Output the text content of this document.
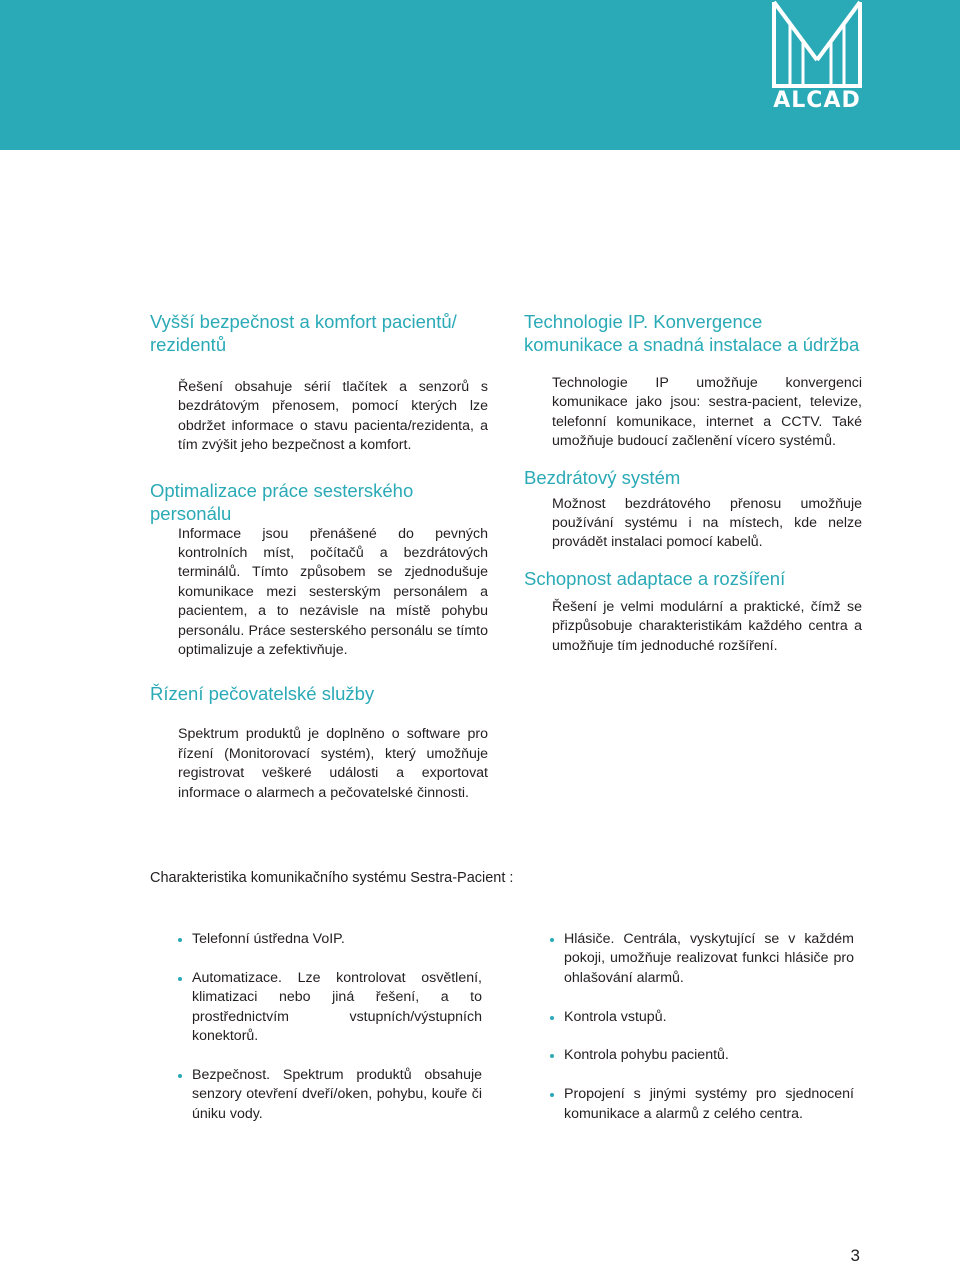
ALCAD
Vyšší bezpečnost a komfort pacientů/ rezidentů

Řešení obsahuje sérií tlačítek a senzorů s bezdrátovým přenosem, pomocí kterých lze obdržet informace o stavu pacienta/rezidenta, a tím zvýšit jeho bezpečnost a komfort.

Optimalizace práce sesterského personálu

Informace jsou přenášené do pevných kontrolních míst, počítačů a bezdrátových terminálů. Tímto způsobem se zjednodušuje komunikace mezi sesterským personálem a pacientem, a to nezávisle na místě pohybu personálu. Práce sesterského personálu se tímto optimalizuje a zefektivňuje.

Řízení pečovatelské služby

Spektrum produktů je doplněno o software pro řízení (Monitorovací systém), který umožňuje registrovat veškeré události a exportovat informace o alarmech a pečovatelské činnosti.

Technologie IP. Konvergence komunikace a snadná instalace a údržba

Technologie IP umožňuje konvergenci komunikace jako jsou: sestra-pacient, televize, telefonní komunikace, internet a CCTV. Také umožňuje budoucí začlenění vícero systémů.

Bezdrátový systém

Možnost bezdrátového přenosu umožňuje používání systému i na místech, kde nelze provádět instalaci pomocí kabelů.

Schopnost adaptace a rozšíření

Řešení je velmi modulární a praktické, čímž se přizpůsobuje charakteristikám každého centra a umožňuje tím jednoduché rozšíření.

Charakteristika komunikačního systému Sestra-Pacient :
Telefonní ústředna VoIP.
Automatizace. Lze kontrolovat osvětlení, klimatizaci nebo jiná řešení, a to prostřednictvím vstupních/výstupních konektorů.
Bezpečnost. Spektrum produktů obsahuje senzory otevření dveří/oken, pohybu, kouře či úniku vody.
Hlásiče. Centrála, vyskytující se v každém pokoji, umožňuje realizovat funkci hlásiče pro ohlašování alarmů.
Kontrola vstupů.
Kontrola pohybu pacientů.
Propojení s jinými systémy pro sjednocení komunikace a alarmů z celého centra.
3
